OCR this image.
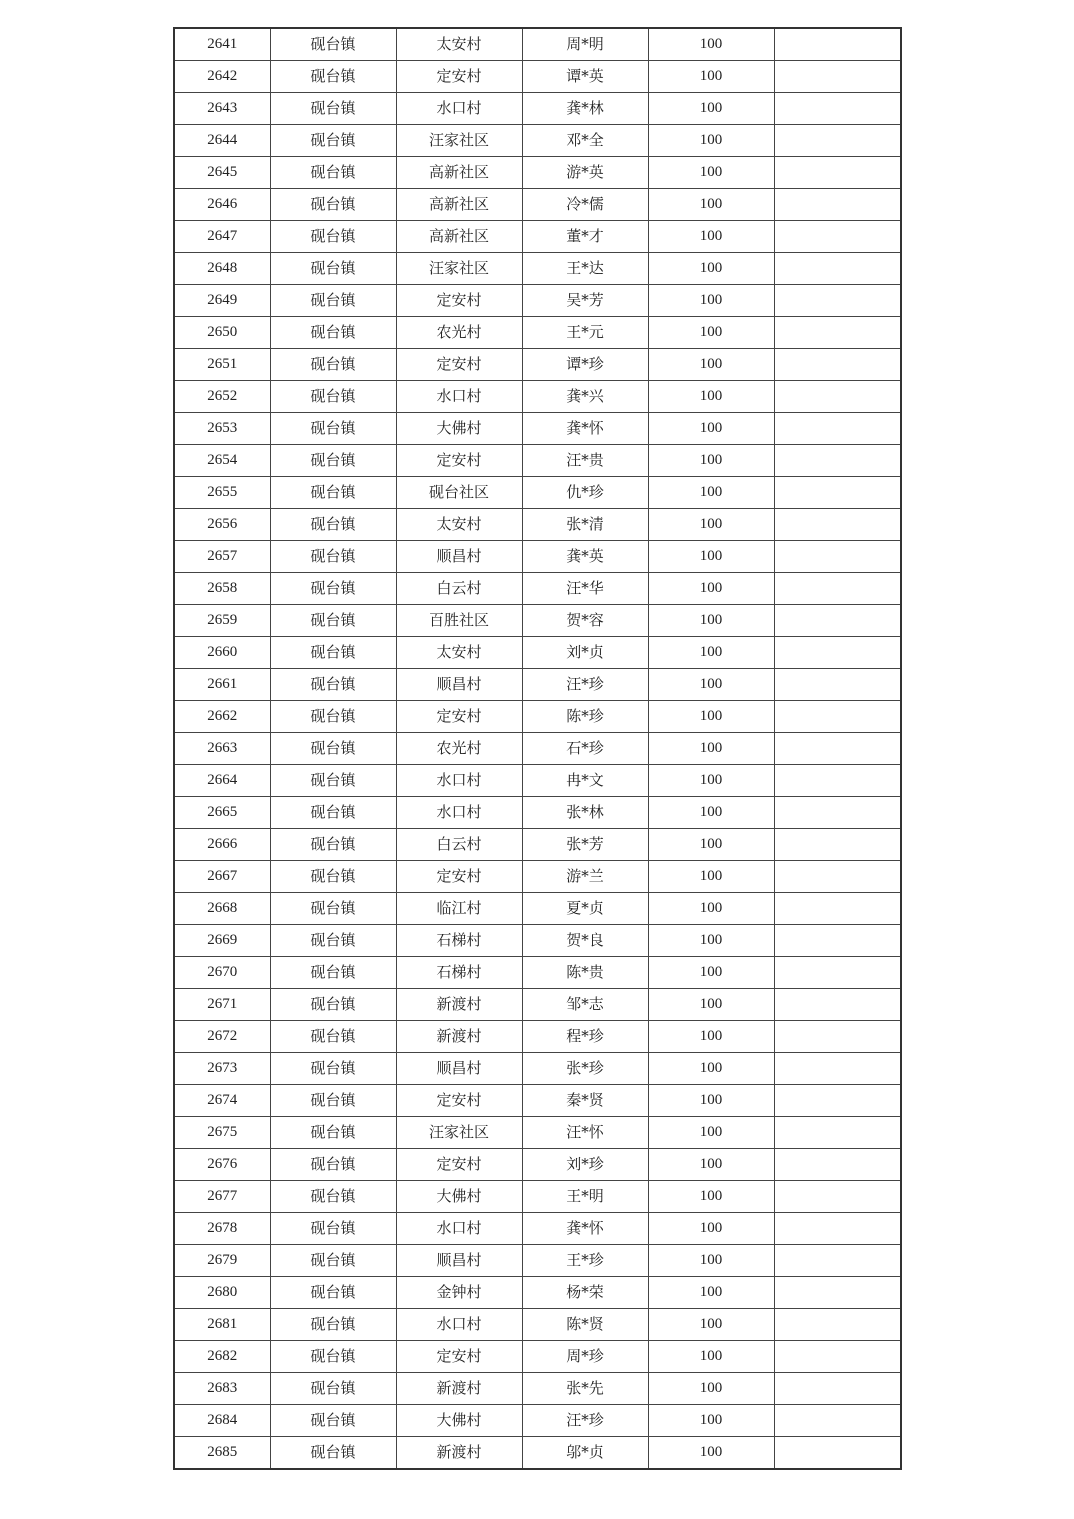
2641	砚台镇	太安村	周*明	100	
2642	砚台镇	定安村	谭*英	100	
2643	砚台镇	水口村	龚*林	100	
2644	砚台镇	汪家社区	邓*全	100	
2645	砚台镇	高新社区	游*英	100	
2646	砚台镇	高新社区	冷*儒	100	
2647	砚台镇	高新社区	董*才	100	
2648	砚台镇	汪家社区	王*达	100	
2649	砚台镇	定安村	吴*芳	100	
2650	砚台镇	农光村	王*元	100	
2651	砚台镇	定安村	谭*珍	100	
2652	砚台镇	水口村	龚*兴	100	
2653	砚台镇	大佛村	龚*怀	100	
2654	砚台镇	定安村	汪*贵	100	
2655	砚台镇	砚台社区	仇*珍	100	
2656	砚台镇	太安村	张*清	100	
2657	砚台镇	顺昌村	龚*英	100	
2658	砚台镇	白云村	汪*华	100	
2659	砚台镇	百胜社区	贺*容	100	
2660	砚台镇	太安村	刘*贞	100	
2661	砚台镇	顺昌村	汪*珍	100	
2662	砚台镇	定安村	陈*珍	100	
2663	砚台镇	农光村	石*珍	100	
2664	砚台镇	水口村	冉*文	100	
2665	砚台镇	水口村	张*林	100	
2666	砚台镇	白云村	张*芳	100	
2667	砚台镇	定安村	游*兰	100	
2668	砚台镇	临江村	夏*贞	100	
2669	砚台镇	石梯村	贺*良	100	
2670	砚台镇	石梯村	陈*贵	100	
2671	砚台镇	新渡村	邹*志	100	
2672	砚台镇	新渡村	程*珍	100	
2673	砚台镇	顺昌村	张*珍	100	
2674	砚台镇	定安村	秦*贤	100	
2675	砚台镇	汪家社区	汪*怀	100	
2676	砚台镇	定安村	刘*珍	100	
2677	砚台镇	大佛村	王*明	100	
2678	砚台镇	水口村	龚*怀	100	
2679	砚台镇	顺昌村	王*珍	100	
2680	砚台镇	金钟村	杨*荣	100	
2681	砚台镇	水口村	陈*贤	100	
2682	砚台镇	定安村	周*珍	100	
2683	砚台镇	新渡村	张*先	100	
2684	砚台镇	大佛村	汪*珍	100	
2685	砚台镇	新渡村	邬*贞	100	
